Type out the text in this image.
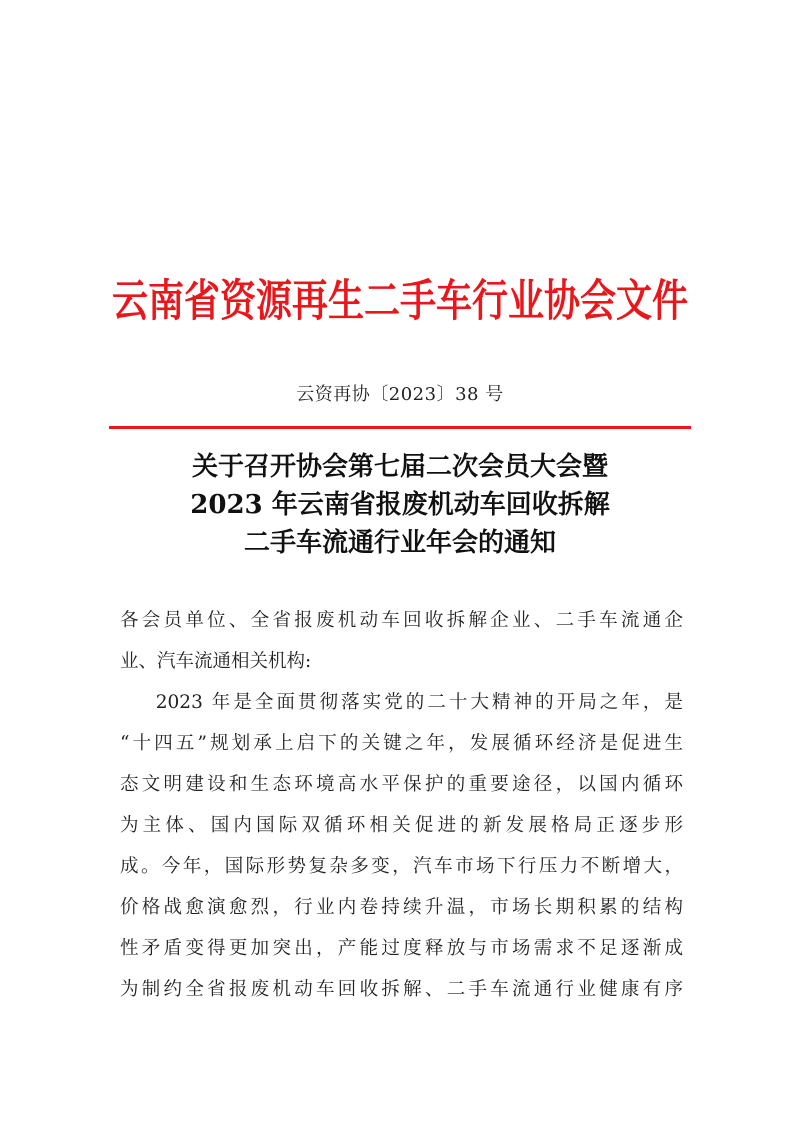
云南省资源再生二手车行业协会文件
云资再协〔2023〕38 号
关于召开协会第七届二次会员大会暨
2023 年云南省报废机动车回收拆解
二手车流通行业年会的通知
各会员单位、全省报废机动车回收拆解企业、二手车流通企
业、汽车流通相关机构:
2023 年是全面贯彻落实党的二十大精神的开局之年，是
“十四五”规划承上启下的关键之年，发展循环经济是促进生
态文明建设和生态环境高水平保护的重要途径，以国内循环
为主体、国内国际双循环相关促进的新发展格局正逐步形
成。今年，国际形势复杂多变，汽车市场下行压力不断增大，
价格战愈演愈烈，行业内卷持续升温，市场长期积累的结构
性矛盾变得更加突出，产能过度释放与市场需求不足逐渐成
为制约全省报废机动车回收拆解、二手车流通行业健康有序
